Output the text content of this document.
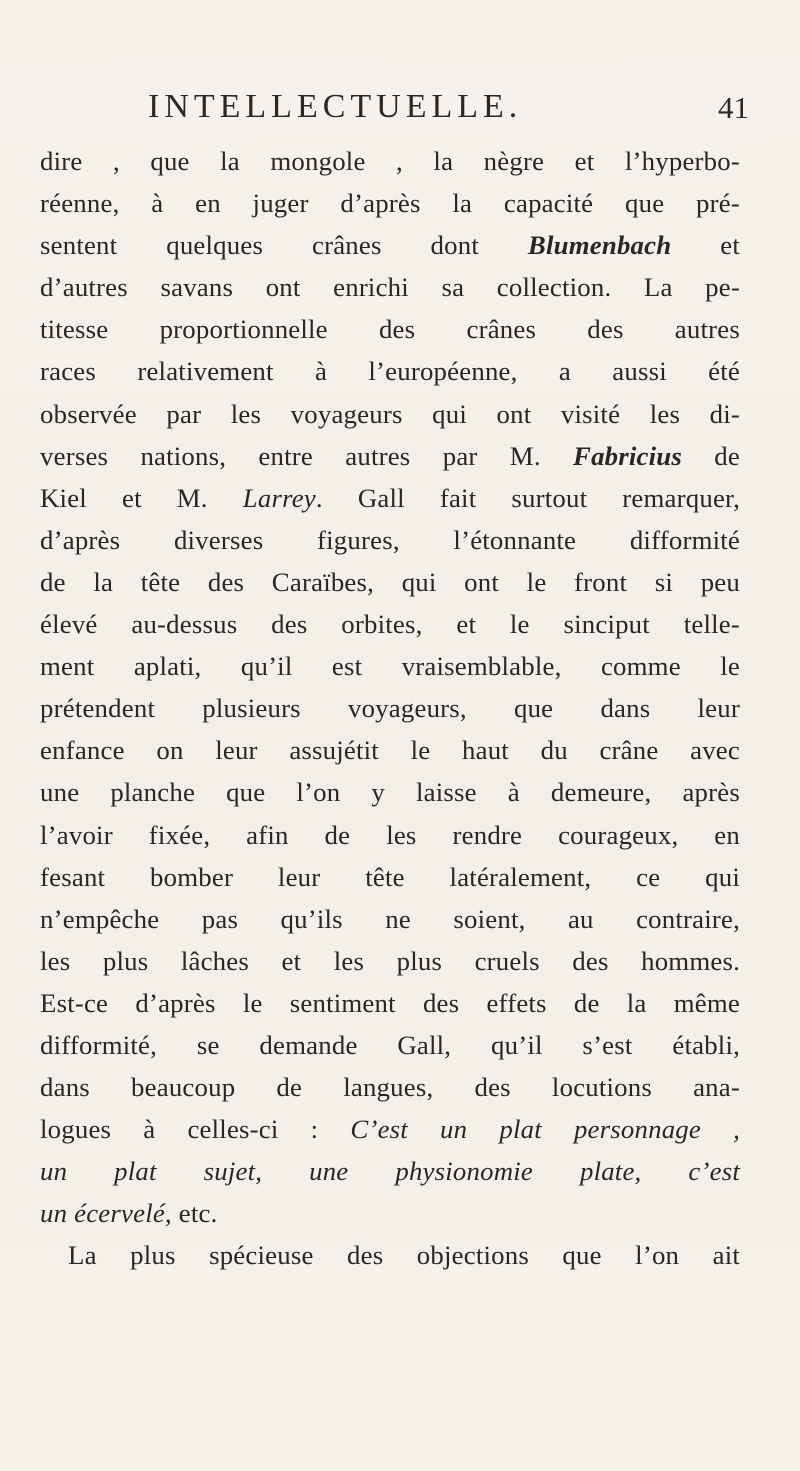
INTELLECTUELLE.	41
dire , que la mongole , la nègre et l’hyperbo-
réenne, à en juger d’après la capacité que pré-
sentent quelques crânes dont Blumenbach et
d’autres savans ont enrichi sa collection. La pe-
titesse proportionnelle des crânes des autres
races relativement à l’européenne, a aussi été
observée par les voyageurs qui ont visité les di-
verses nations, entre autres par M. Fabricius de
Kiel et M. Larrey. Gall fait surtout remarquer,
d’après diverses figures, l’étonnante difformité
de la tête des Caraïbes, qui ont le front si peu
élevé au-dessus des orbites, et le sinciput telle-
ment aplati, qu’il est vraisemblable, comme le
prétendent plusieurs voyageurs, que dans leur
enfance on leur assujétit le haut du crâne avec
une planche que l’on y laisse à demeure, après
l’avoir fixée, afin de les rendre courageux, en
fesant bomber leur tête latéralement, ce qui
n’empêche pas qu’ils ne soient, au contraire,
les plus lâches et les plus cruels des hommes.
Est-ce d’après le sentiment des effets de la même
difformité, se demande Gall, qu’il s’est établi,
dans beaucoup de langues, des locutions ana-
logues à celles-ci : C’est un plat personnage ,
un plat sujet, une physionomie plate, c’est
un écervelé, etc.
La plus spécieuse des objections que l’on ait
